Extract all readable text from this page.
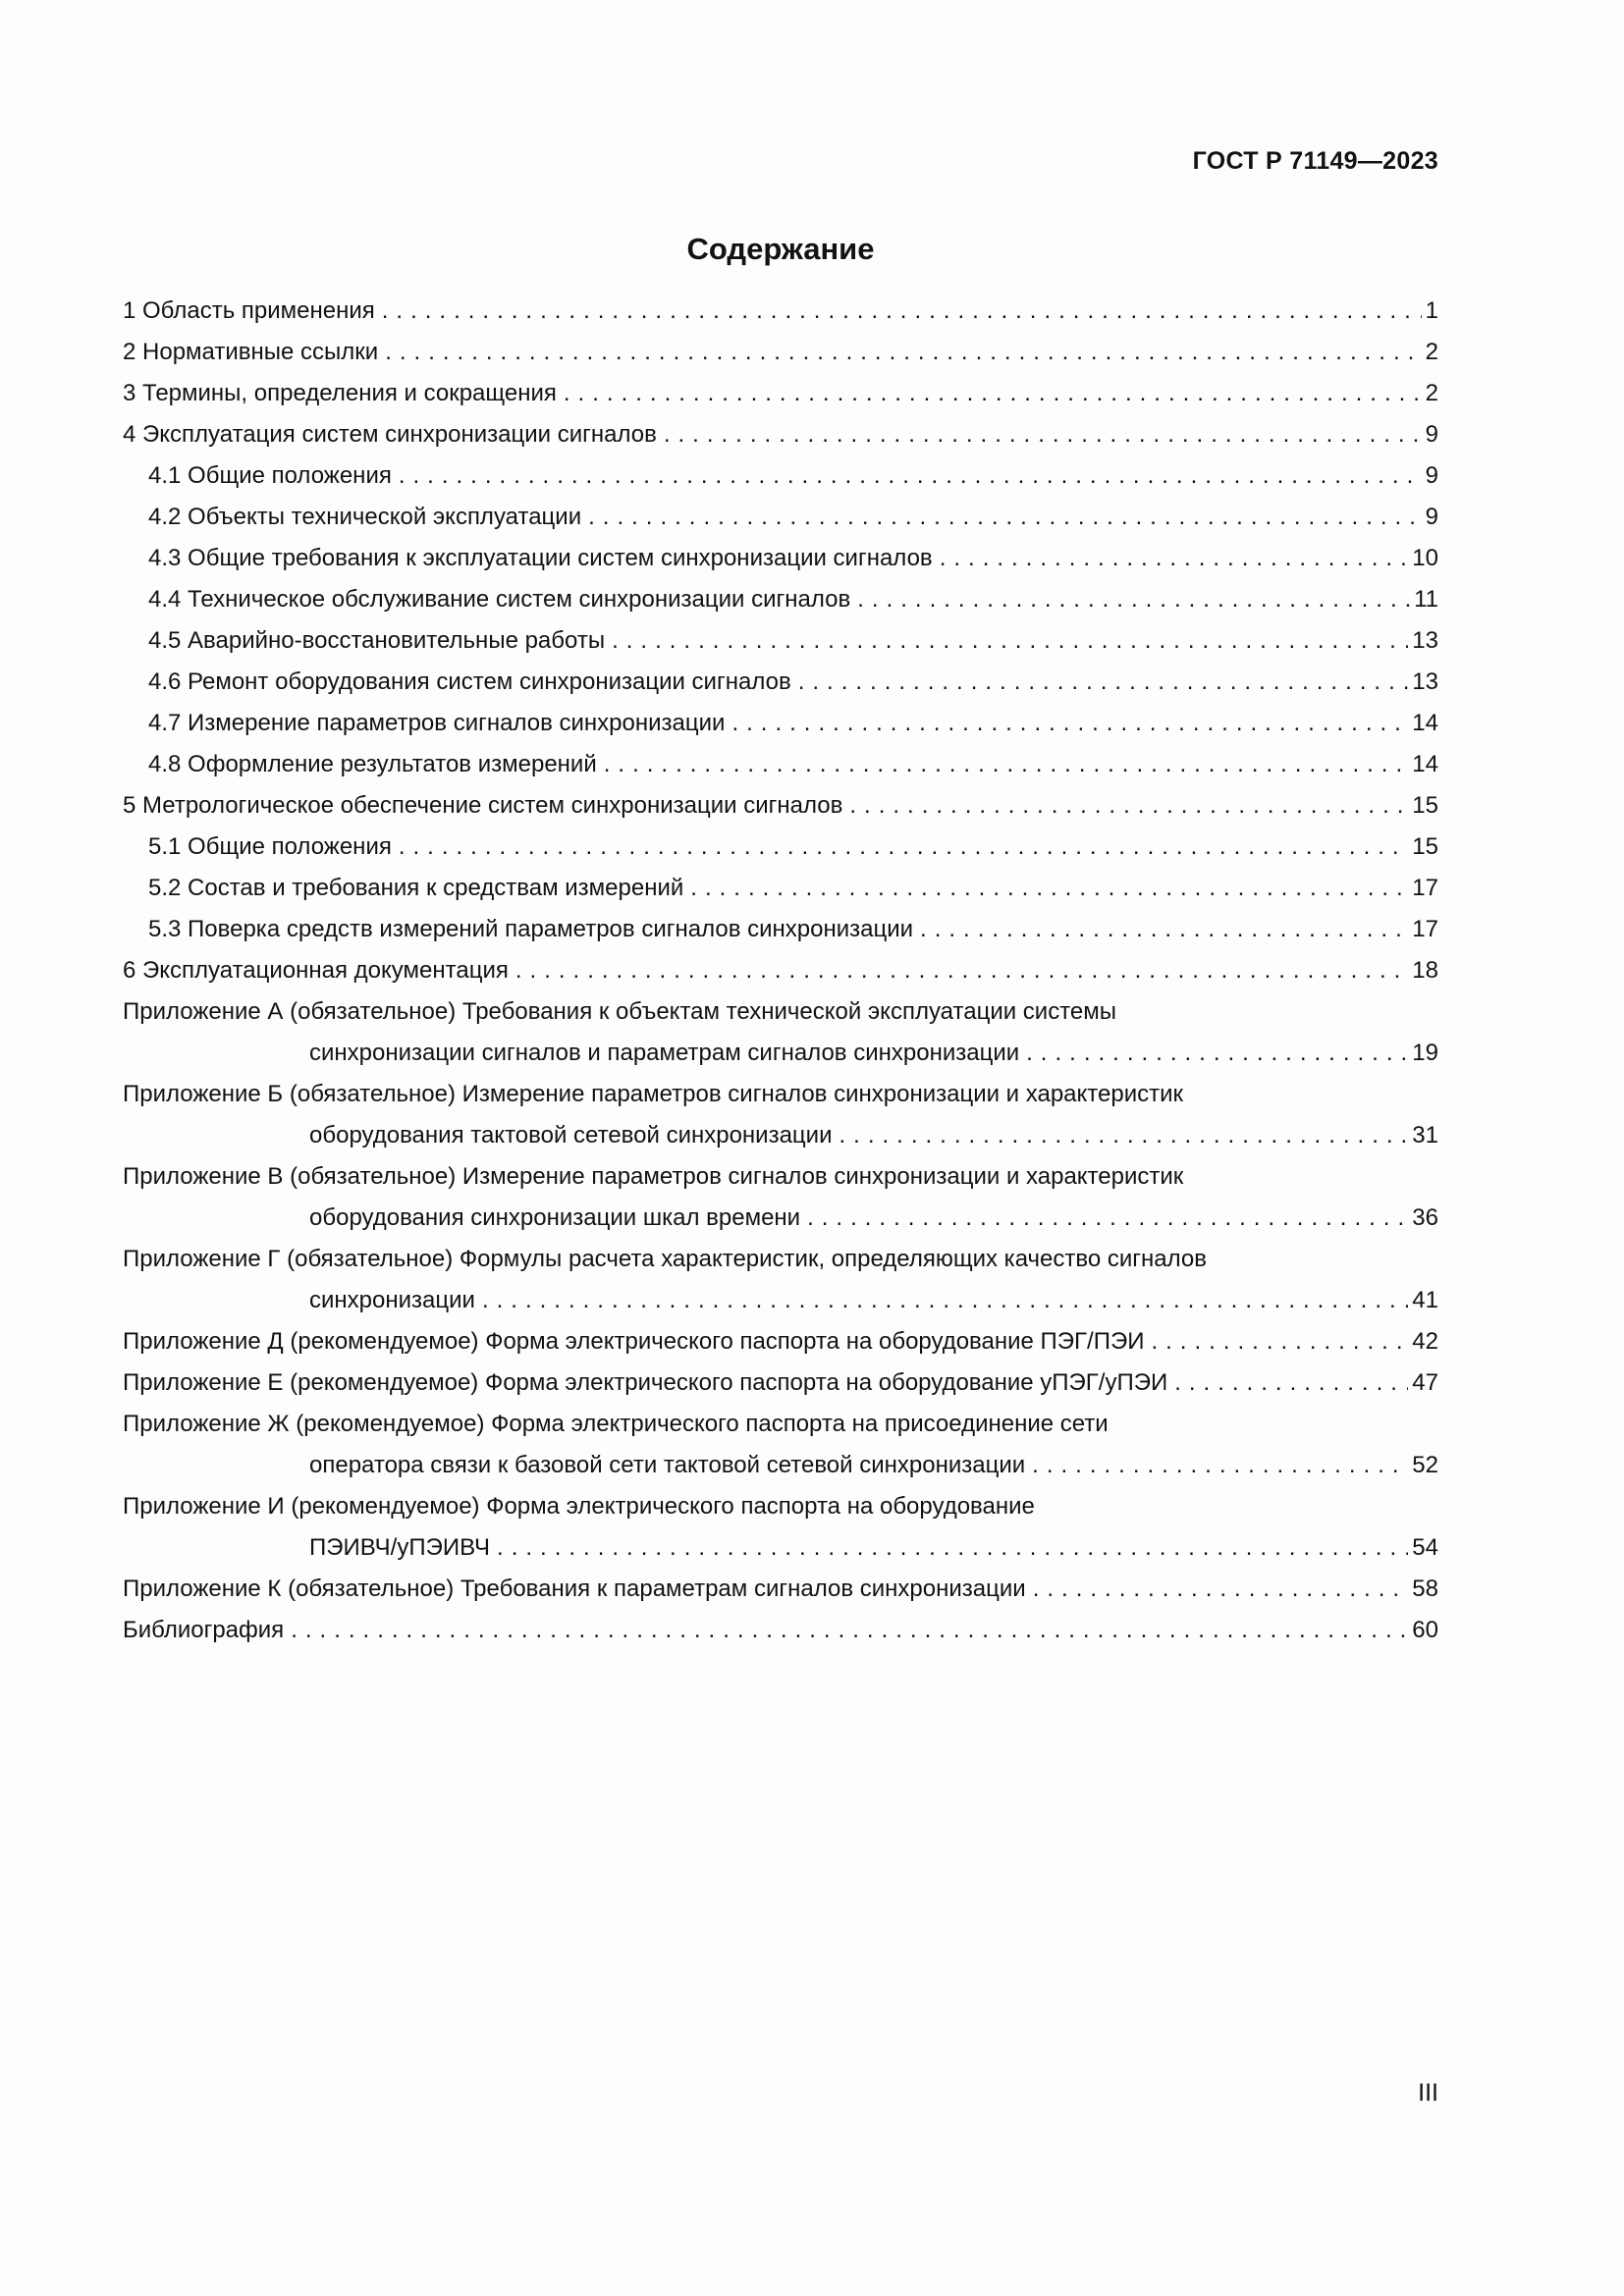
ГОСТ Р 71149—2023
Содержание
1 Область применения .....	1
2 Нормативные ссылки .....	2
3 Термины, определения и сокращения .....	2
4 Эксплуатация систем синхронизации сигналов .....	9
4.1 Общие положения .....	9
4.2 Объекты технической эксплуатации .....	9
4.3 Общие требования к эксплуатации систем синхронизации сигналов .....	10
4.4 Техническое обслуживание систем синхронизации сигналов .....	11
4.5 Аварийно-восстановительные работы .....	13
4.6 Ремонт оборудования систем синхронизации сигналов .....	13
4.7 Измерение параметров сигналов синхронизации .....	14
4.8 Оформление результатов измерений .....	14
5 Метрологическое обеспечение систем синхронизации сигналов .....	15
5.1 Общие положения .....	15
5.2 Состав и требования к средствам измерений .....	17
5.3 Поверка средств измерений параметров сигналов синхронизации .....	17
6 Эксплуатационная документация .....	18
Приложение А (обязательное) Требования к объектам технической эксплуатации системы
синхронизации сигналов и параметрам сигналов синхронизации .....	19
Приложение Б (обязательное) Измерение параметров сигналов синхронизации и характеристик
оборудования тактовой сетевой синхронизации .....	31
Приложение В (обязательное) Измерение параметров сигналов синхронизации и характеристик
оборудования синхронизации шкал времени .....	36
Приложение Г (обязательное) Формулы расчета характеристик, определяющих качество сигналов
синхронизации .....	41
Приложение Д (рекомендуемое) Форма электрического паспорта на оборудование ПЭГ/ПЭИ .....	42
Приложение Е (рекомендуемое) Форма электрического паспорта на оборудование уПЭГ/уПЭИ .....	47
Приложение Ж (рекомендуемое) Форма электрического паспорта на присоединение сети
оператора связи к базовой сети тактовой сетевой синхронизации .....	52
Приложение И (рекомендуемое) Форма электрического паспорта на оборудование
ПЭИВЧ/уПЭИВЧ .....	54
Приложение К (обязательное) Требования к параметрам сигналов синхронизации .....	58
Библиография .....	60
III
